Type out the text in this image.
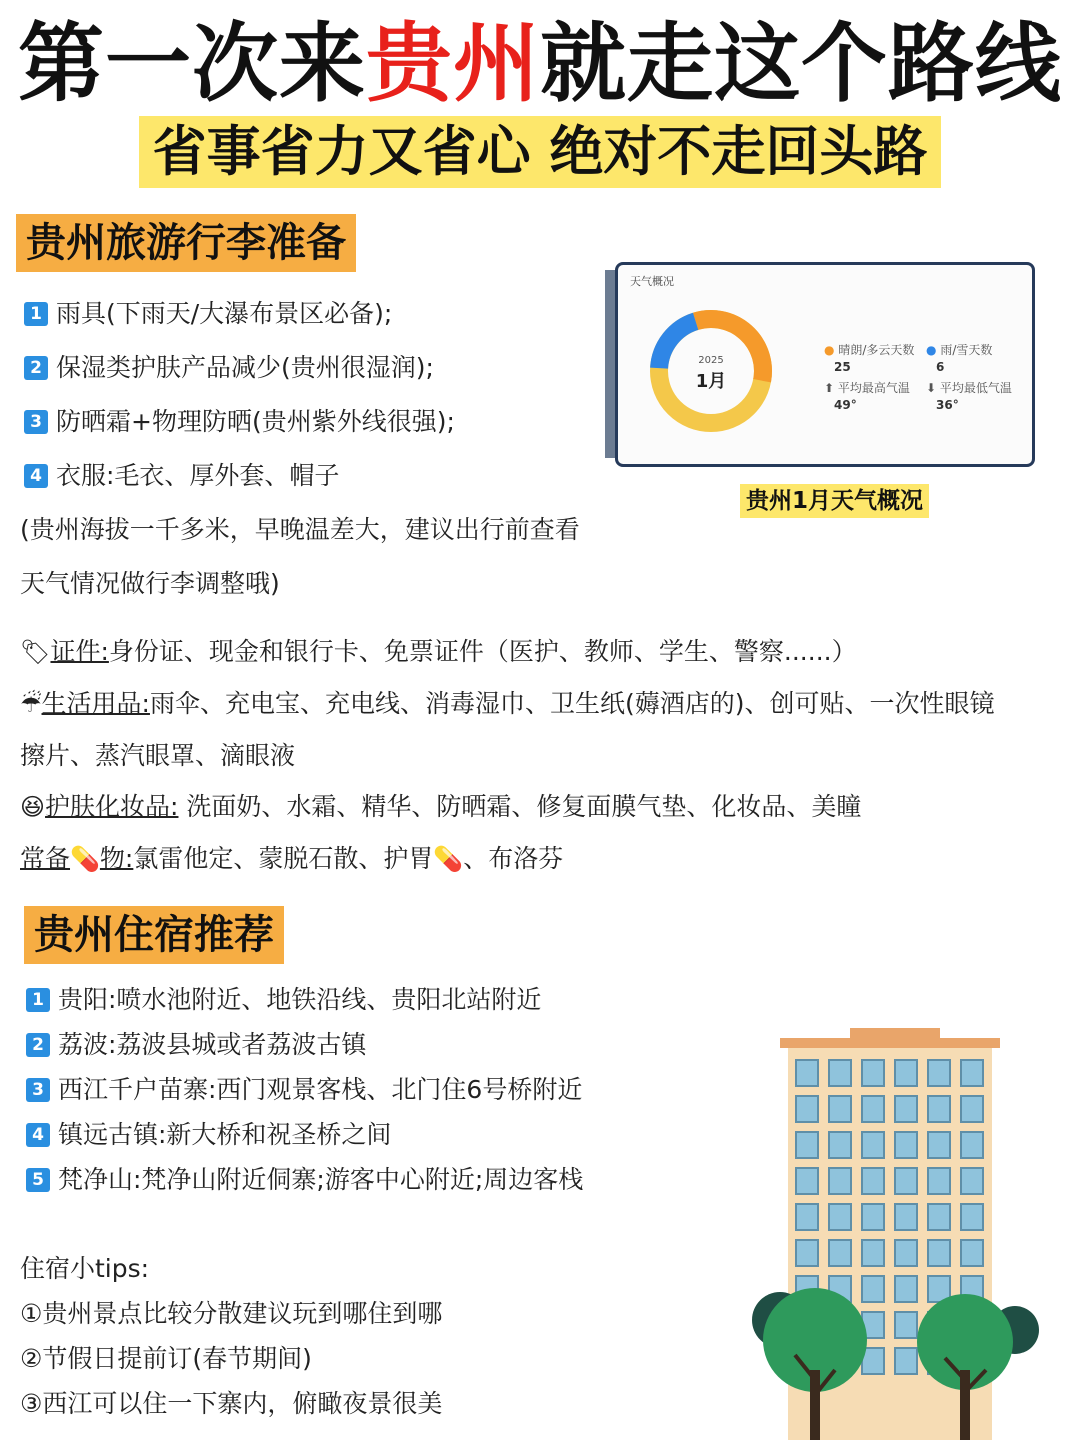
第一次来贵州就走这个路线
省事省力又省心 绝对不走回头路
贵州旅游行李准备
1 雨具(下雨天/大瀑布景区必备);
2 保湿类护肤产品减少(贵州很湿润);
3 防晒霜+物理防晒(贵州紫外线很强);
4 衣服:毛衣、厚外套、帽子
(贵州海拔一千多米，早晚温差大，建议出行前查看
天气情况做行李调整哦)
🏷证件:身份证、现金和银行卡、免票证件（医护、教师、学生、警察......）
☔生活用品:雨伞、充电宝、充电线、消毒湿巾、卫生纸(薅酒店的)、创可贴、一次性眼镜
擦片、蒸汽眼罩、滴眼液
😆护肤化妆品: 洗面奶、水霜、精华、防晒霜、修复面膜气垫、化妆品、美瞳
常备💊物:氯雷他定、蒙脱石散、护胃💊、布洛芬
天气概况
2025
1月
● 晴朗/多云天数
25
● 雨/雪天数
6
⬆ 平均最高气温
49°
⬇ 平均最低气温
36°
贵州1月天气概况
贵州住宿推荐
1 贵阳:喷水池附近、地铁沿线、贵阳北站附近
2 荔波:荔波县城或者荔波古镇
3 西江千户苗寨:西门观景客栈、北门住6号桥附近
4 镇远古镇:新大桥和祝圣桥之间
5 梵净山:梵净山附近侗寨;游客中心附近;周边客栈
住宿小tips:
①贵州景点比较分散建议玩到哪住到哪
②节假日提前订(春节期间)
③西江可以住一下寨内，俯瞰夜景很美
